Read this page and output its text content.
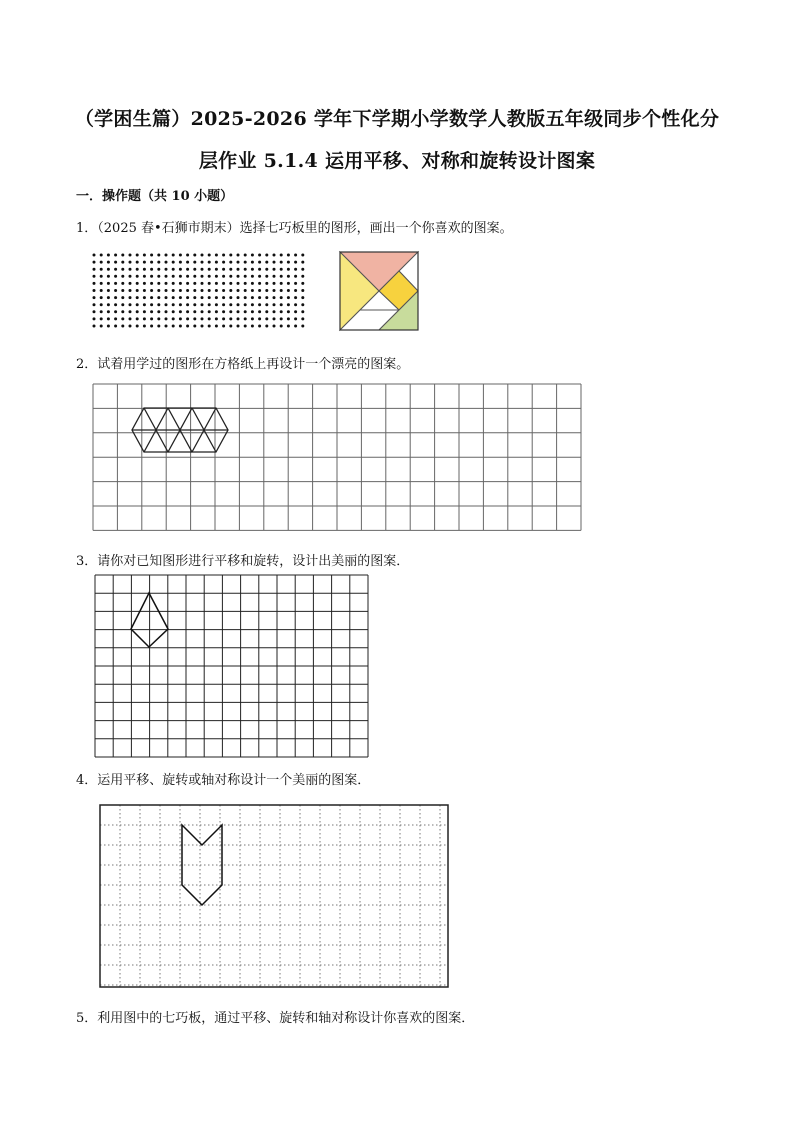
（学困生篇）2025-2026 学年下学期小学数学人教版五年级同步个性化分
层作业 5.1.4 运用平移、对称和旋转设计图案
一．操作题（共 10 小题）
1．（2025 春•石狮市期末）选择七巧板里的图形，画出一个你喜欢的图案。
2．试着用学过的图形在方格纸上再设计一个漂亮的图案。
3．请你对已知图形进行平移和旋转，设计出美丽的图案．
4．运用平移、旋转或轴对称设计一个美丽的图案．
5．利用图中的七巧板，通过平移、旋转和轴对称设计你喜欢的图案．
